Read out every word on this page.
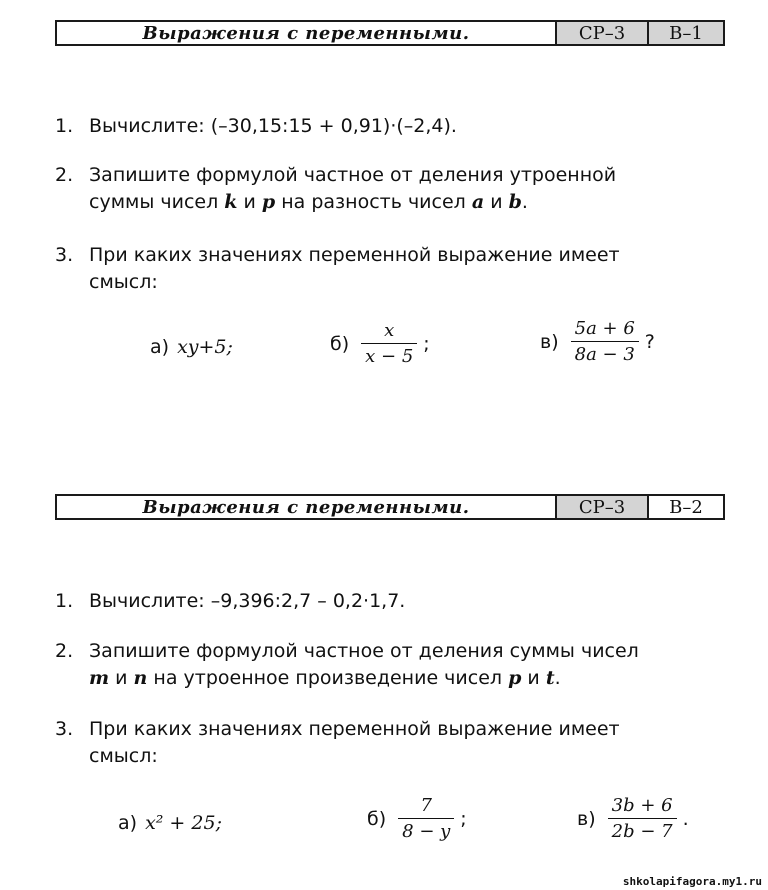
Выражения с переменными.	СР–3	В–1
1. Вычислите: (–30,15:15 + 0,91)·(–2,4).
2. Запишите формулой частное от деления утроенной
суммы чисел k и p на разность чисел a и b.
3. При каких значениях переменной выражение имеет
смысл:
а) xy+5;	$б) \frac{x}{x - 5}$ ;	$в) \frac{5a + 6}{8a - 3}$ ?
Выражения с переменными.	СР–3	В–2
1. Вычислите: –9,396:2,7 – 0,2·1,7.
2. Запишите формулой частное от деления суммы чисел
m и n на утроенное произведение чисел p и t.
3. При каких значениях переменной выражение имеет
смысл:
а) x² + 25;	$б) \frac{7}{8 - y}$ ;	$в) \frac{3b + 6}{2b - 7}$ .
shkolapifagora.my1.ru
